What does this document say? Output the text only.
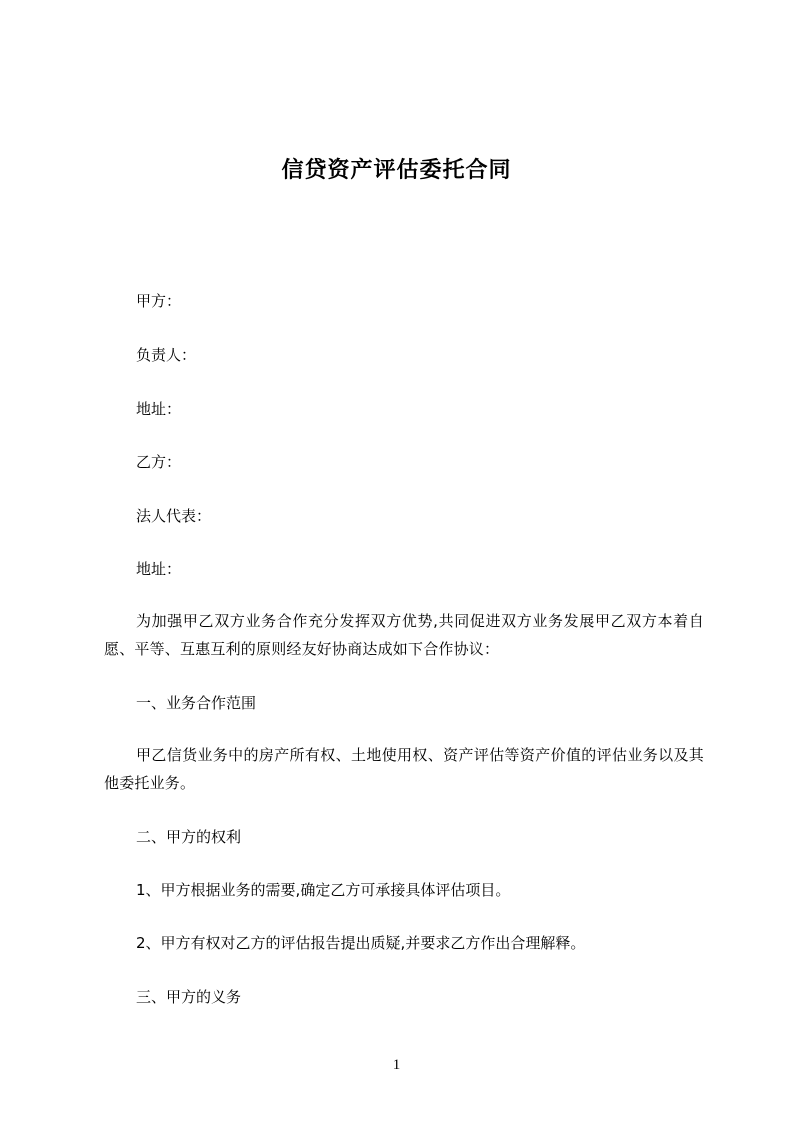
信贷资产评估委托合同

甲方：

负责人：

地址：

乙方：

法人代表：

地址：

为加强甲乙双方业务合作充分发挥双方优势,共同促进双方业务发展甲乙双方本着自愿、平等、互惠互利的原则经友好协商达成如下合作协议：

一、业务合作范围

甲乙信货业务中的房产所有权、土地使用权、资产评估等资产价值的评估业务以及其他委托业务。

二、甲方的权利

1、甲方根据业务的需要,确定乙方可承接具体评估项目。

2、甲方有权对乙方的评估报告提出质疑,并要求乙方作出合理解释。

三、甲方的义务

1
